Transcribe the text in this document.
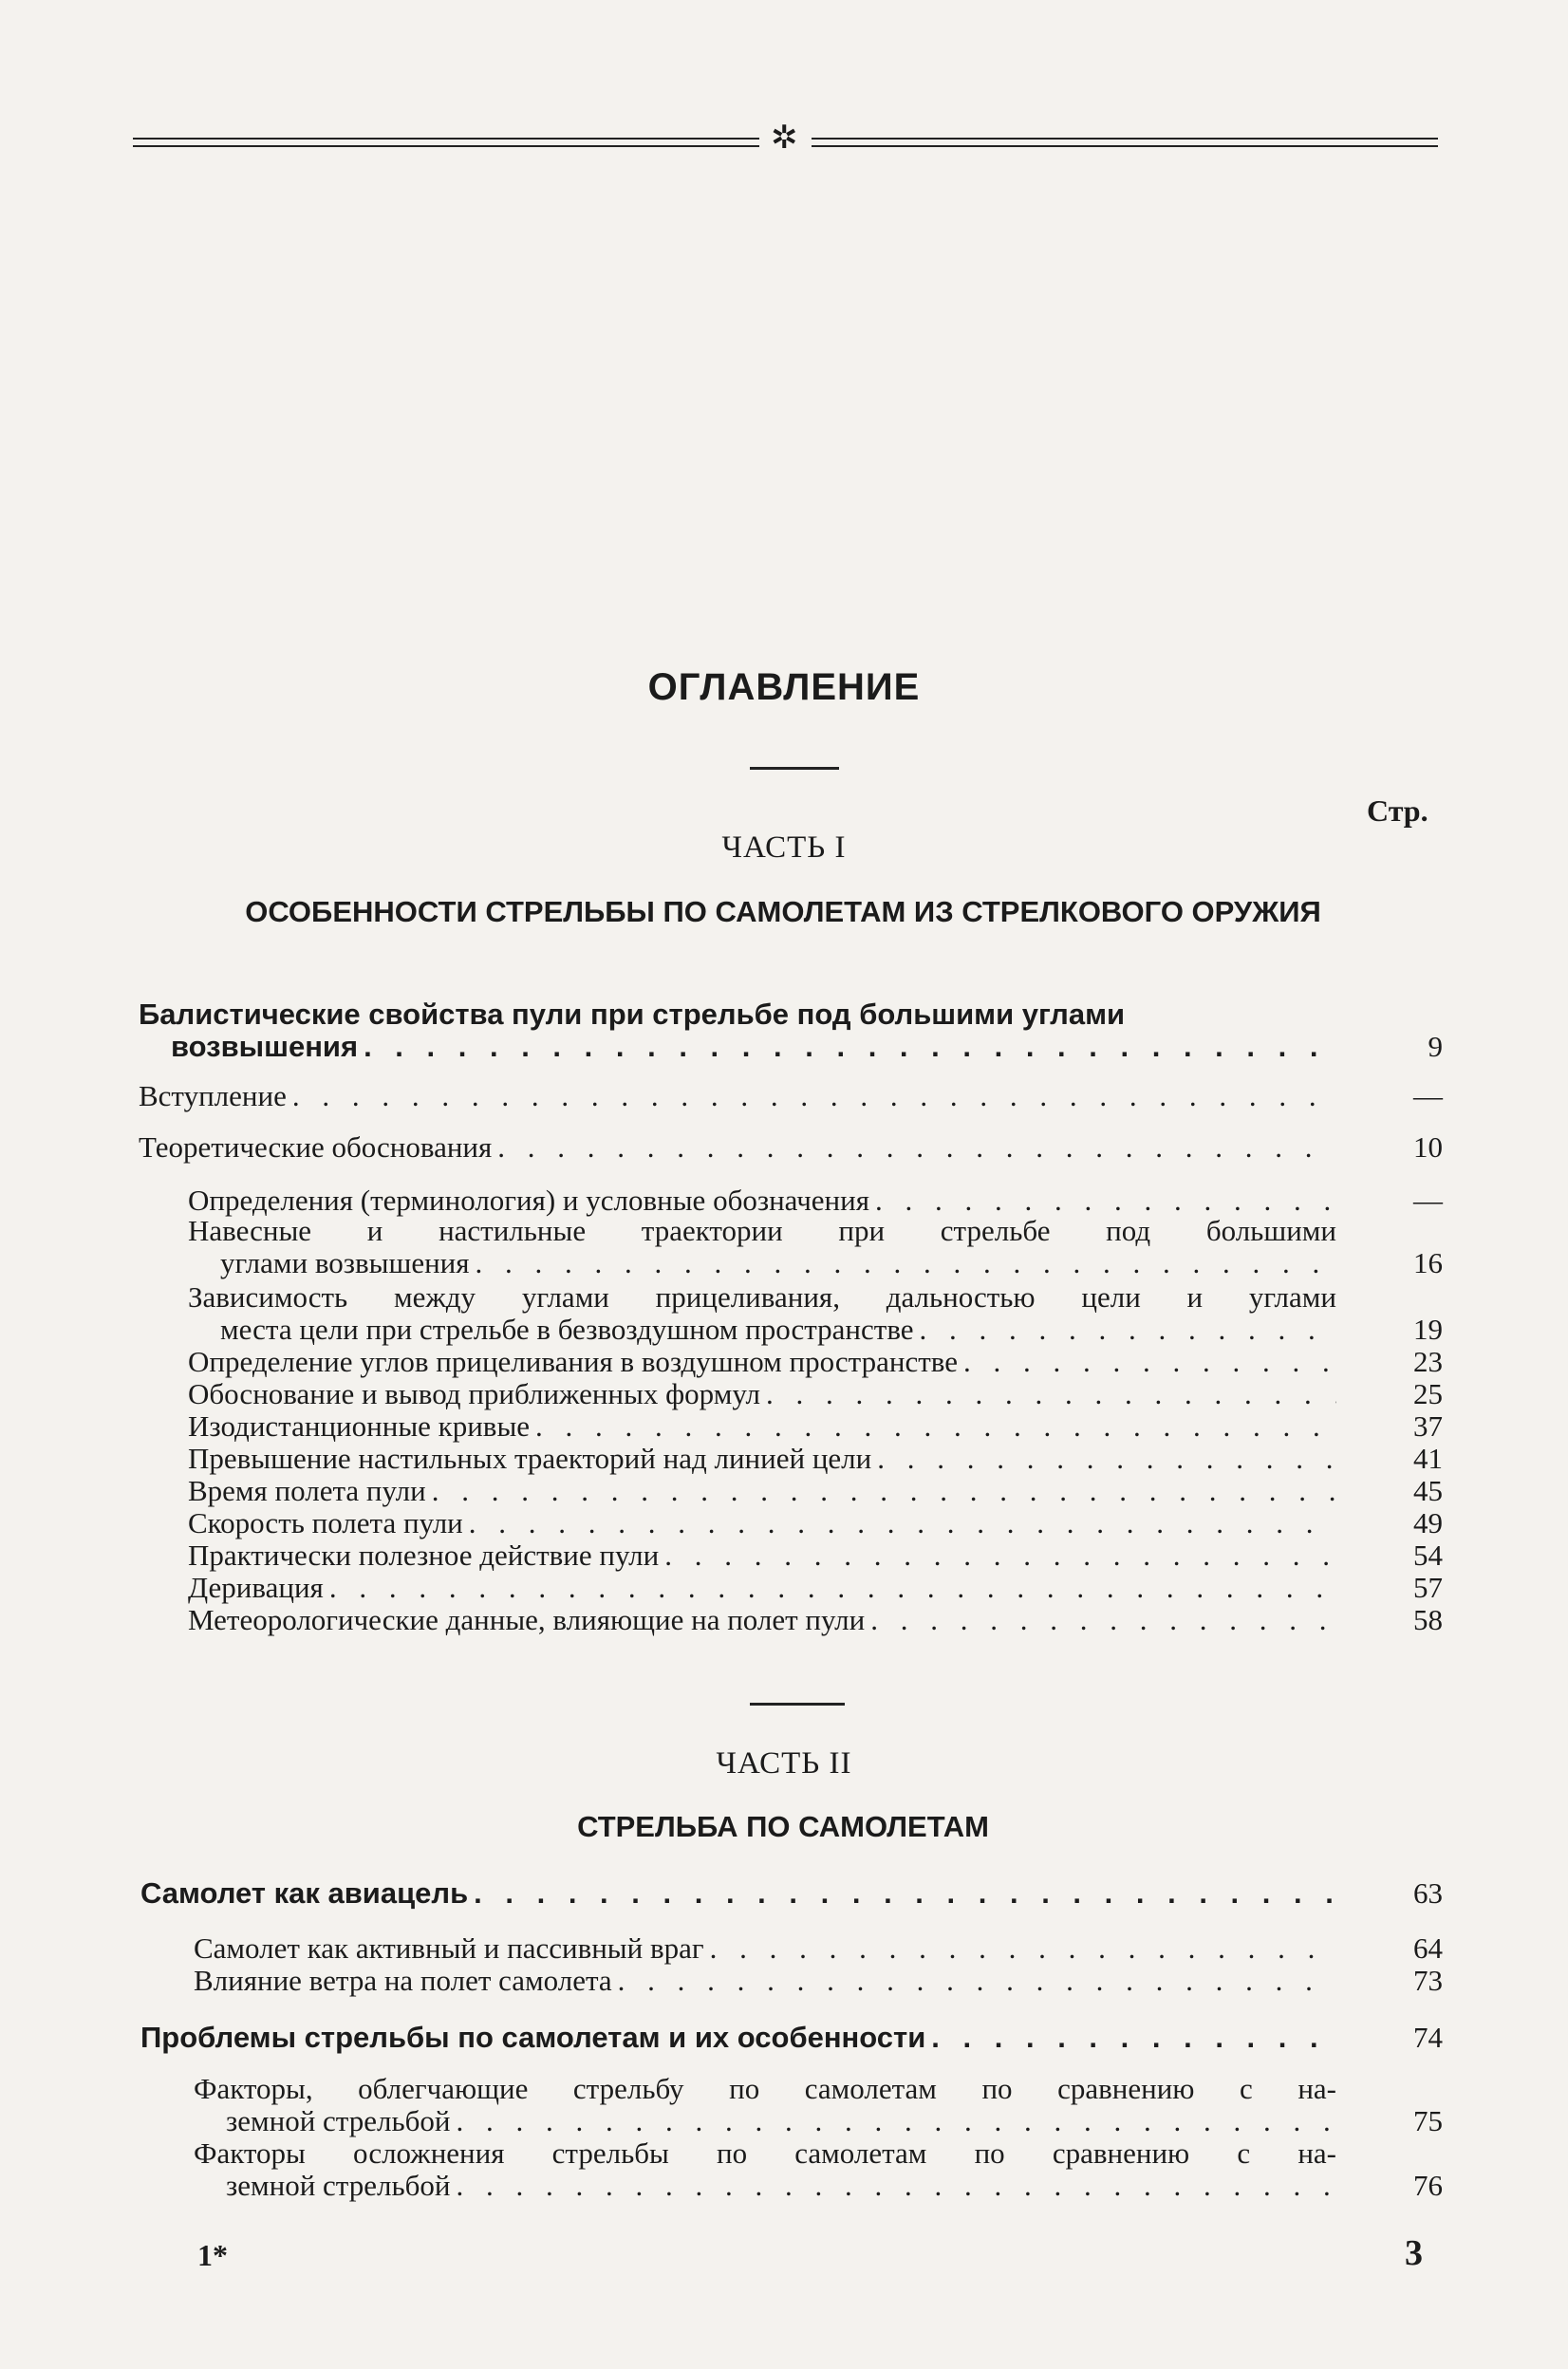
✲
ОГЛАВЛЕНИЕ
Стр.
ЧАСТЬ I
ОСОБЕННОСТИ СТРЕЛЬБЫ ПО САМОЛЕТАМ ИЗ СТРЕЛКОВОГО ОРУЖИЯ
Балистические свойства пули при стрельбе под большими углами
возвышения . . .	9
Вступление . . .	—
Теоретические обоснования . . .	10
Определения (терминология) и условные обозначения . . .	—
Навесные и настильные траектории при стрельбе под большими
углами возвышения . . .	16
Зависимость между углами прицеливания, дальностью цели и углами
места цели при стрельбе в безвоздушном пространстве . . .	19
Определение углов прицеливания в воздушном пространстве . . .	23
Обоснование и вывод приближенных формул . . .	25
Изодистанционные кривые . . .	37
Превышение настильных траекторий над линией цели . . .	41
Время полета пули . . .	45
Скорость полета пули . . .	49
Практически полезное действие пули . . .	54
Деривация . . .	57
Метеорологические данные, влияющие на полет пули . . .	58
ЧАСТЬ II
СТРЕЛЬБА ПО САМОЛЕТАМ
Самолет как авиацель . . .	63
Самолет как активный и пассивный враг . . .	64
Влияние ветра на полет самолета . . .	73
Проблемы стрельбы по самолетам и их особенности . . .	74
Факторы, облегчающие стрельбу по самолетам по сравнению с на-
земной стрельбой . . .	75
Факторы осложнения стрельбы по самолетам по сравнению с на-
земной стрельбой . . .	76
1*	3
